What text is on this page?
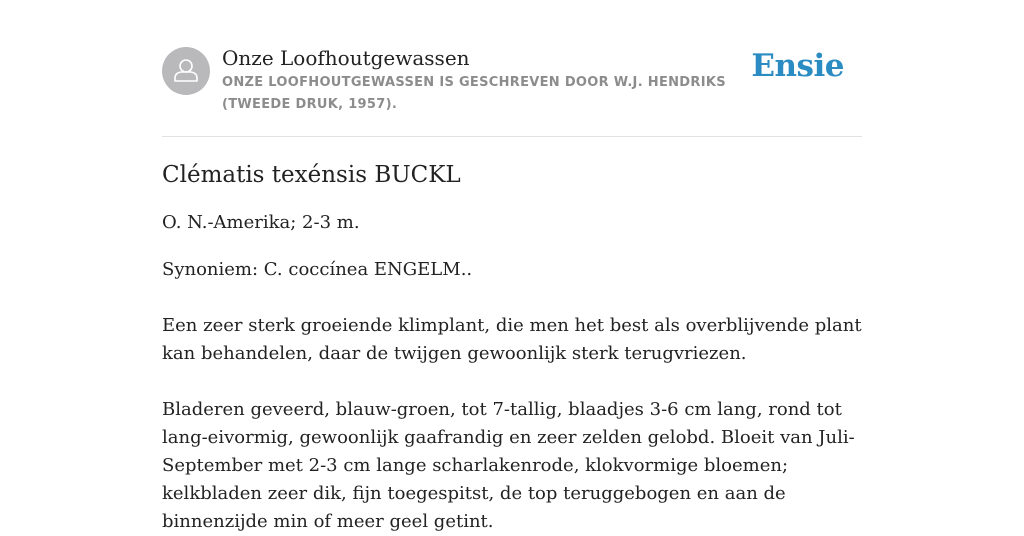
Onze Loofhoutgewassen
ONZE LOOFHOUTGEWASSEN IS GESCHREVEN DOOR W.J. HENDRIKS (TWEEDE DRUK, 1957).
Ensie
Clématis texénsis BUCKL

O. N.-Amerika; 2-3 m.

Synoniem: C. coccínea ENGELM..

Een zeer sterk groeiende klimplant, die men het best als overblijvende plant kan behandelen, daar de twijgen gewoonlijk sterk terugvriezen.

Bladeren geveerd, blauw-groen, tot 7-tallig, blaadjes 3-6 cm lang, rond tot lang-eivormig, gewoonlijk gaafrandig en zeer zelden gelobd. Bloeit van Juli-September met 2-3 cm lange scharlakenrode, klokvormige bloemen; kelkbladen zeer dik, fijn toegespitst, de top teruggebogen en aan de binnenzijde min of meer geel getint.
